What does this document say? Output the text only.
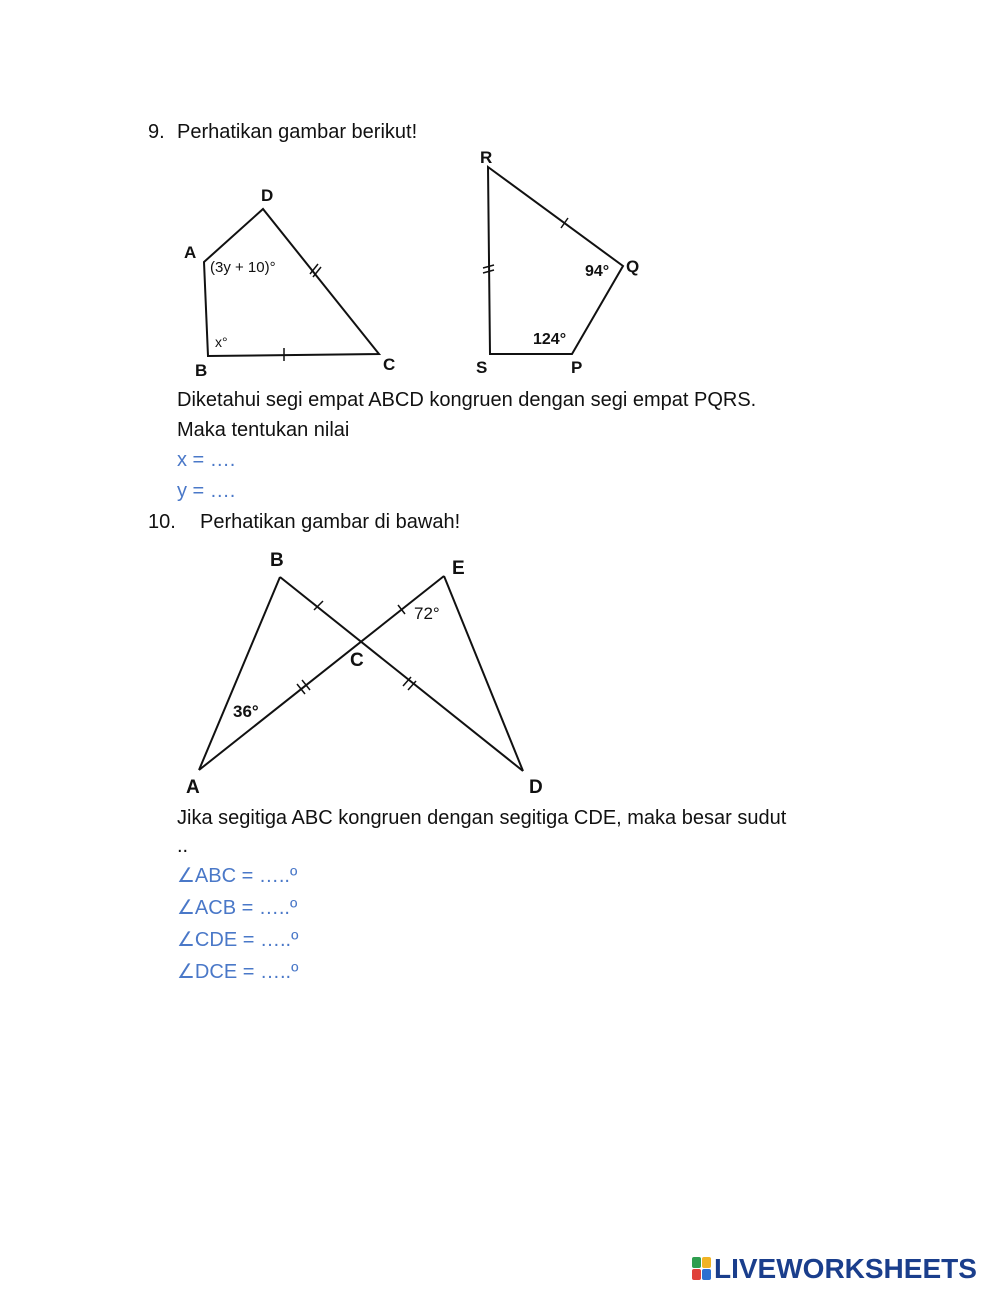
9. Perhatikan gambar berikut!
D
A
B	C
(3y + 10)°
x°
R
Q
S	P
94°
124°
Diketahui segi empat ABCD kongruen dengan segi empat PQRS.
Maka tentukan nilai
x = ….
y = ….
10. Perhatikan gambar di bawah!
B	E
C
A	D
72°
36°
Jika segitiga ABC kongruen dengan segitiga CDE, maka besar sudut
..
∠ABC = …..º
∠ACB = …..º
∠CDE = …..º
∠DCE = …..º
LIVEWORKSHEETS
